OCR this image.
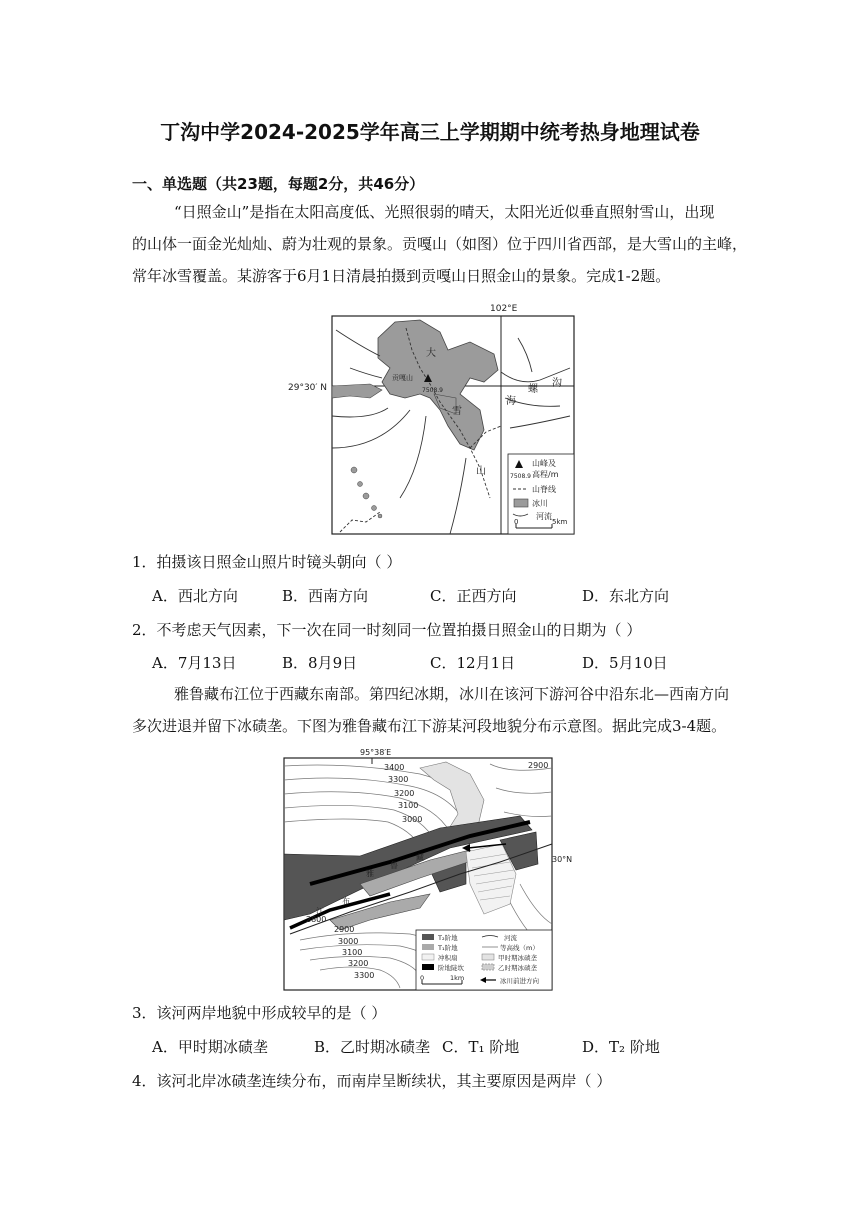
丁沟中学2024-2025学年高三上学期期中统考热身地理试卷
一、单选题（共23题，每题2分，共46分）
“日照金山”是指在太阳高度低、光照很弱的晴天，太阳光近似垂直照射雪山，出现
的山体一面金光灿灿、蔚为壮观的景象。贡嘎山（如图）位于四川省西部，是大雪山的主峰，
常年冰雪覆盖。某游客于6月1日清晨拍摄到贡嘎山日照金山的景象。完成1-2题。
102°E
29°30′ N
贡嘎山
7508.9
大
雪
山
海
螺
沟
山峰及
高程/m
7508.9
山脊线
冰川
河流
0	5km
1．拍摄该日照金山照片时镜头朝向（ ）
A．西北方向	B．西南方向	C．正西方向	D．东北方向
2．不考虑天气因素，下一次在同一时刻同一位置拍摄日照金山的日期为（ ）
A．7月13日	B．8月9日	C．12月1日	D．5月10日
雅鲁藏布江位于西藏东南部。第四纪冰期，冰川在该河下游河谷中沿东北—西南方向
多次进退并留下冰碛垄。下图为雅鲁藏布江下游某河段地貌分布示意图。据此完成3-4题。
95°38′E
30°N
雅
鲁
藏
布
江
3400
3300
3200
3100
3000
2900
2800
2900
3000
3100
3200
3300
T₂阶地	河流
T₁阶地	等高线（m）
冲积扇	甲时期冰碛垄
阶地陡坎	乙时期冰碛垄
0	1km	冰川前进方向
3．该河两岸地貌中形成较早的是（ ）
A．甲时期冰碛垄	B．乙时期冰碛垄 C．T₁ 阶地	D．T₂ 阶地
4．该河北岸冰碛垄连续分布，而南岸呈断续状，其主要原因是两岸（ ）
